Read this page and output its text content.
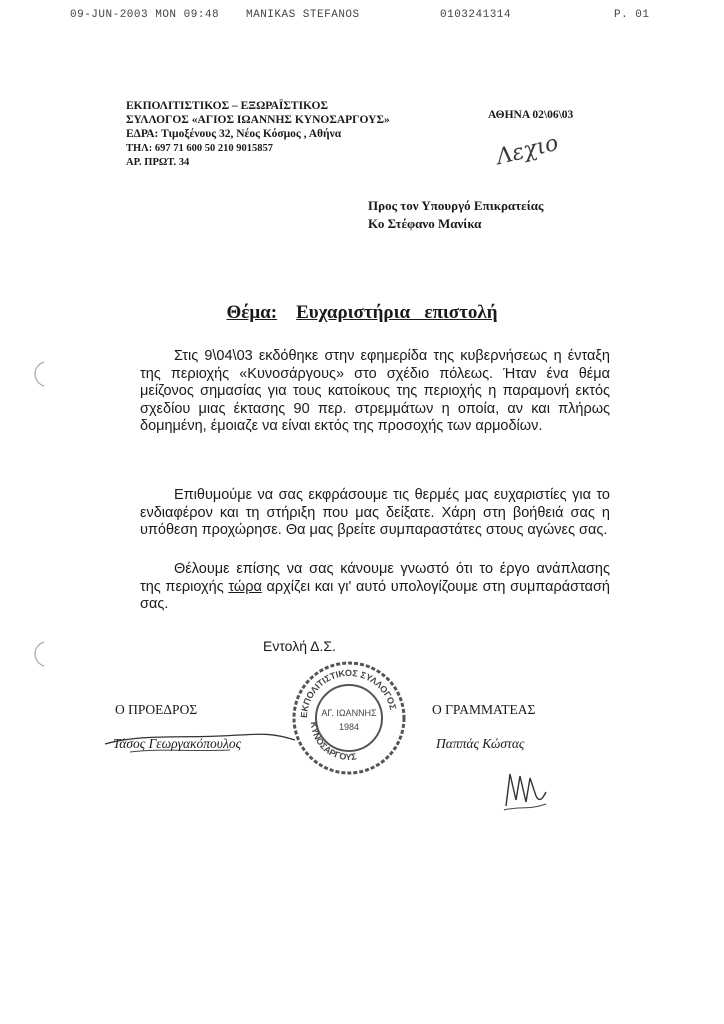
09-JUN-2003 MON 09:48 MANIKAS STEFANOS	0103241314	P. 01
ΕΚΠΟΛΙΤΙΣΤΙΚΟΣ – ΕΞΩΡΑΪΣΤΙΚΟΣ
ΣΥΛΛΟΓΟΣ «ΑΓΙΟΣ ΙΩΑΝΝΗΣ ΚΥΝΟΣΑΡΓΟΥΣ»
ΕΔΡΑ: Τιμοξένους 32, Νέος Κόσμος , Αθήνα
ΤΗΛ: 697 71 600 50 210 9015857
ΑΡ. ΠΡΩΤ. 34
ΑΘΗΝΑ 02\06\03
Λεχιο
Προς τον Υπουργό Επικρατείας
Κο Στέφανο Μανίκα
Θέμα: Ευχαριστήρια   επιστολή

Στις 9\04\03 εκδόθηκε στην εφημερίδα της κυβερνήσεως η ένταξη της περιοχής «Κυνοσάργους» στο σχέδιο πόλεως. Ήταν ένα θέμα μείζονος σημασίας για τους κατοίκους της περιοχής η παραμονή εκτός σχεδίου μιας έκτασης 90 περ. στρεμμάτων η οποία, αν και πλήρως δομημένη, έμοιαζε να είναι εκτός της προσοχής των αρμοδίων.

Επιθυμούμε να σας εκφράσουμε τις θερμές μας ευχαριστίες για το ενδιαφέρον και τη στήριξη που μας δείξατε. Χάρη στη βοήθειά σας η υπόθεση προχώρησε. Θα μας βρείτε συμπαραστάτες στους αγώνες σας.

Θέλουμε επίσης να σας κάνουμε γνωστό ότι το έργο ανάπλασης της περιοχής τώρα αρχίζει και γι' αυτό υπολογίζουμε στη συμπαράστασή σας.

Εντολή Δ.Σ.
Ο ΠΡΟΕΔΡΟΣ
Τάσος Γεωργακόπουλος
Ο ΓΡΑΜΜΑΤΕΑΣ
Παππάς Κώστας
ΕΚΠΟΛΙΤΙΣΤΙΚΟΣ ΣΥΛΛΟΓΟΣ
ΚΥΝΟΣΑΡΓΟΥΣ
ΑΓ. ΙΩΑΝΝΗΣ
1984
